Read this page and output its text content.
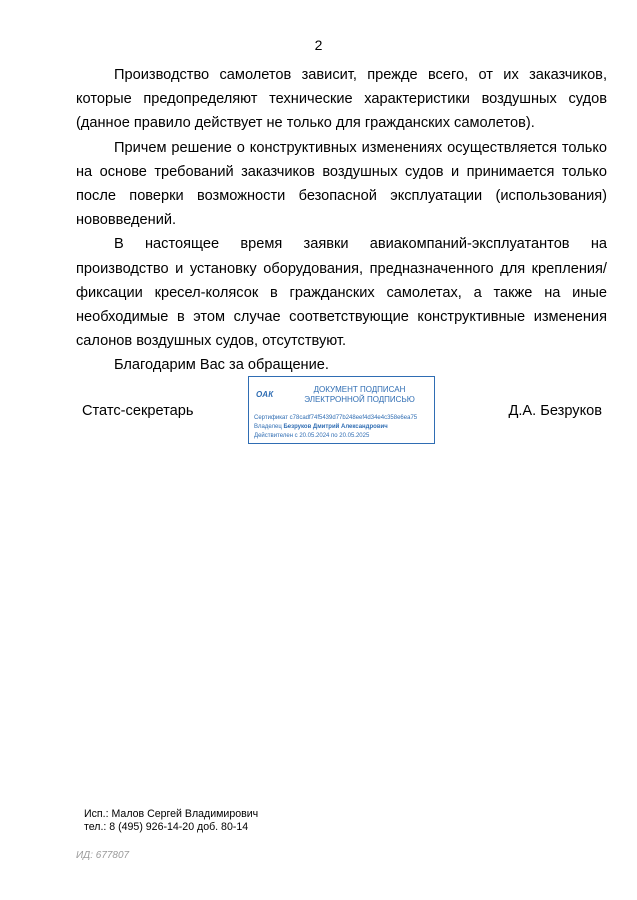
2

Производство самолетов зависит, прежде всего, от их заказчиков, которые предопределяют технические характеристики воздушных судов (данное правило действует не только для гражданских самолетов).

Причем решение о конструктивных изменениях осуществляется только на основе требований заказчиков воздушных судов и принимается только после поверки возможности безопасной эксплуатации (использования) нововведений.

В настоящее время заявки авиакомпаний-эксплуатантов на производство и установку оборудования, предназначенного для крепления/фиксации кресел-колясок в гражданских самолетах, а также на иные необходимые в этом случае соответствующие конструктивные изменения салонов воздушных судов, отсутствуют.

Благодарим Вас за обращение.

Статс-секретарь
ОАК
ДОКУМЕНТ ПОДПИСАН
ЭЛЕКТРОННОЙ ПОДПИСЬЮ
Сертификат c78cadf74f5439d77b248eef4d34e4c358e6ea75
Владелец Безруков Дмитрий Александрович
Действителен с 20.05.2024 по 20.05.2025
Д.А. Безруков
Исп.: Малов Сергей Владимирович
тел.: 8 (495) 926-14-20 доб. 80-14
ИД: 677807
